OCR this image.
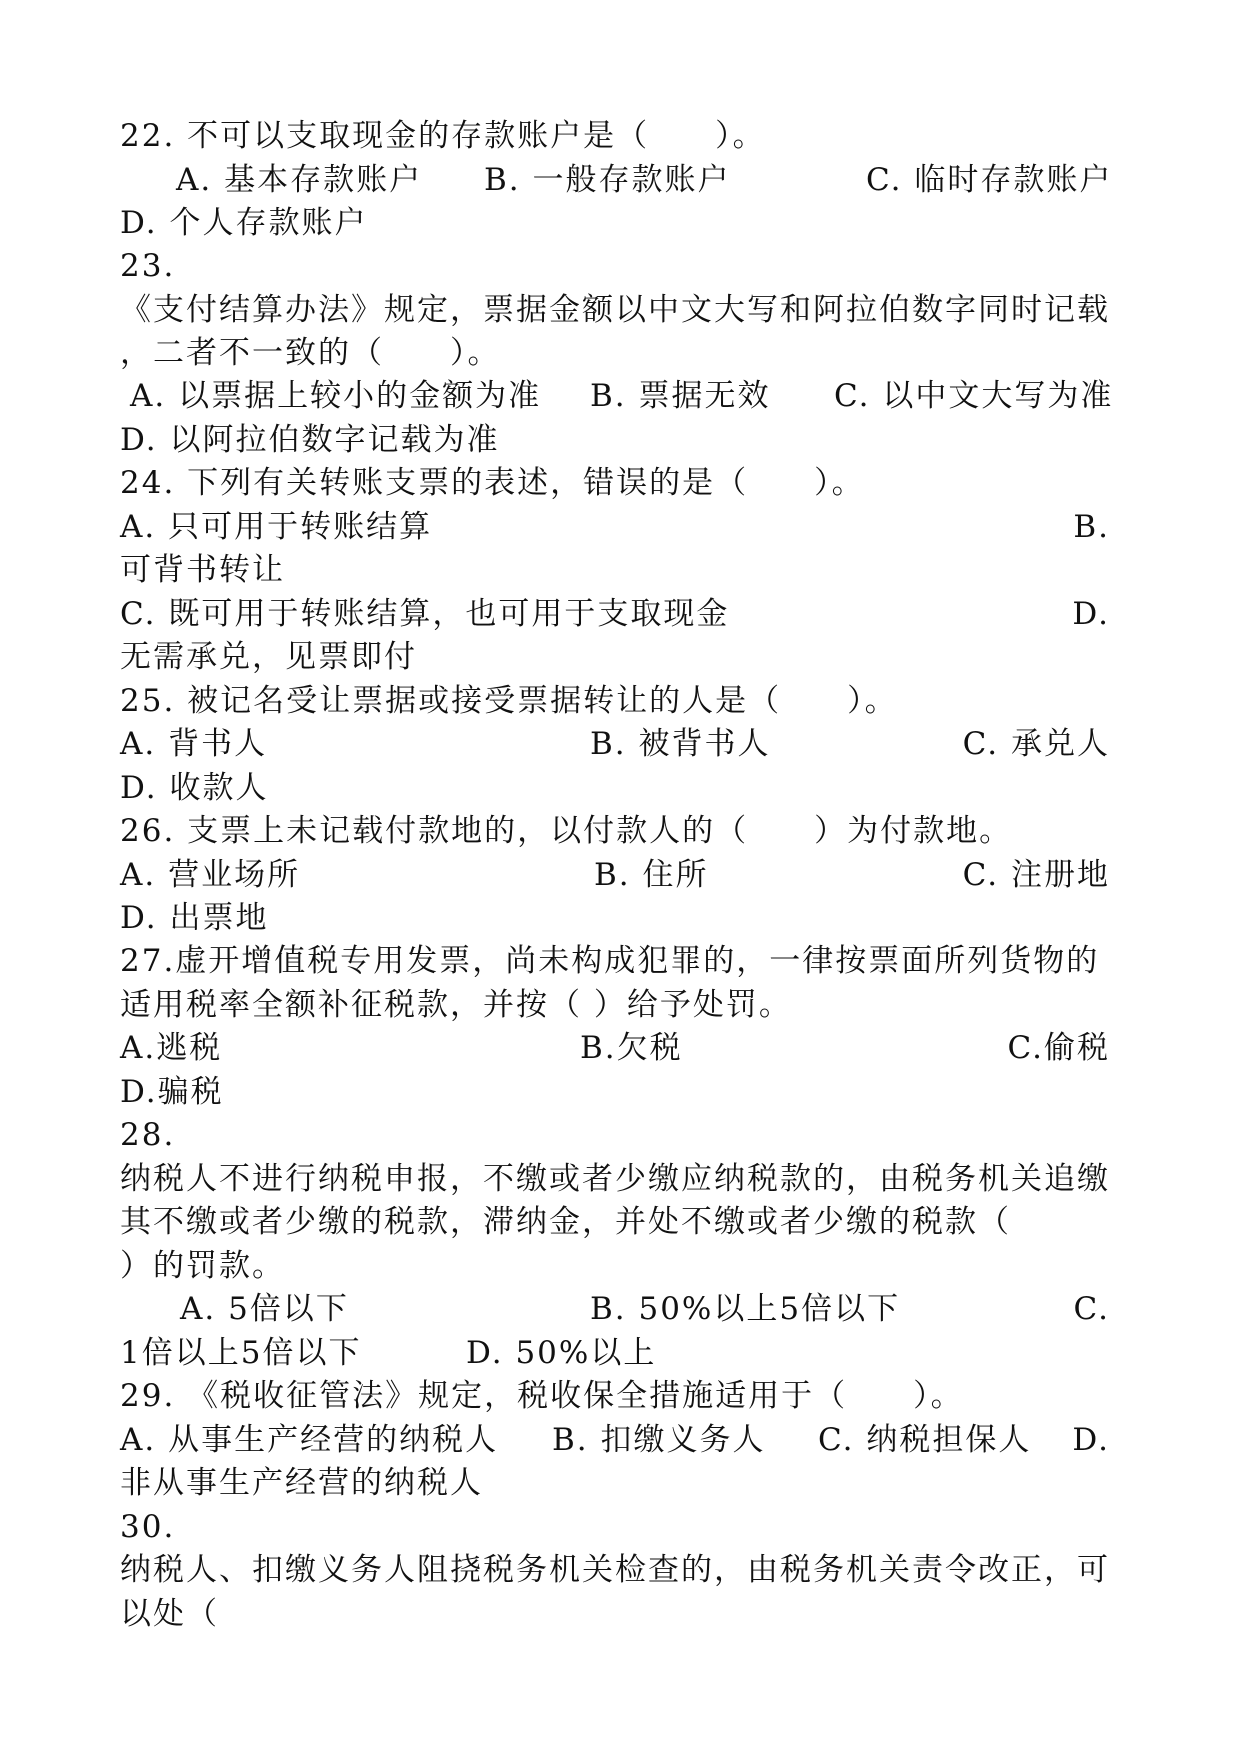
22. 不可以支取现金的存款账户是（　　）。
A. 基本存款账户 B. 一般存款账户	C. 临时存款账户
D. 个人存款账户
23.
《支付结算办法》规定，票据金额以中文大写和阿拉伯数字同时记载
，二者不一致的（　　）。
A. 以票据上较小的金额为准 B. 票据无效 C. 以中文大写为准
D. 以阿拉伯数字记载为准
24. 下列有关转账支票的表述，错误的是（　　）。
A. 只可用于转账结算	B.
可背书转让
C. 既可用于转账结算，也可用于支取现金	D.
无需承兑，见票即付
25. 被记名受让票据或接受票据转让的人是（　　）。
A. 背书人	B. 被背书人	C. 承兑人
D. 收款人
26. 支票上未记载付款地的，以付款人的（　　）为付款地。
A. 营业场所	B. 住所	C. 注册地
D. 出票地
27.虚开增值税专用发票，尚未构成犯罪的，一律按票面所列货物的
适用税率全额补征税款，并按（ ）给予处罚。
A.逃税	B.欠税	C.偷税
D.骗税
28.
纳税人不进行纳税申报，不缴或者少缴应纳税款的，由税务机关追缴
其不缴或者少缴的税款，滞纳金，并处不缴或者少缴的税款（
）的罚款。
A. 5倍以下	B. 50%以上5倍以下	C.
1倍以上5倍以下	D. 50%以上
29. 《税收征管法》规定，税收保全措施适用于（　　）。
A. 从事生产经营的纳税人 B. 扣缴义务人 C. 纳税担保人	D.
非从事生产经营的纳税人
30.
纳税人、扣缴义务人阻挠税务机关检查的，由税务机关责令改正，可
以处（
